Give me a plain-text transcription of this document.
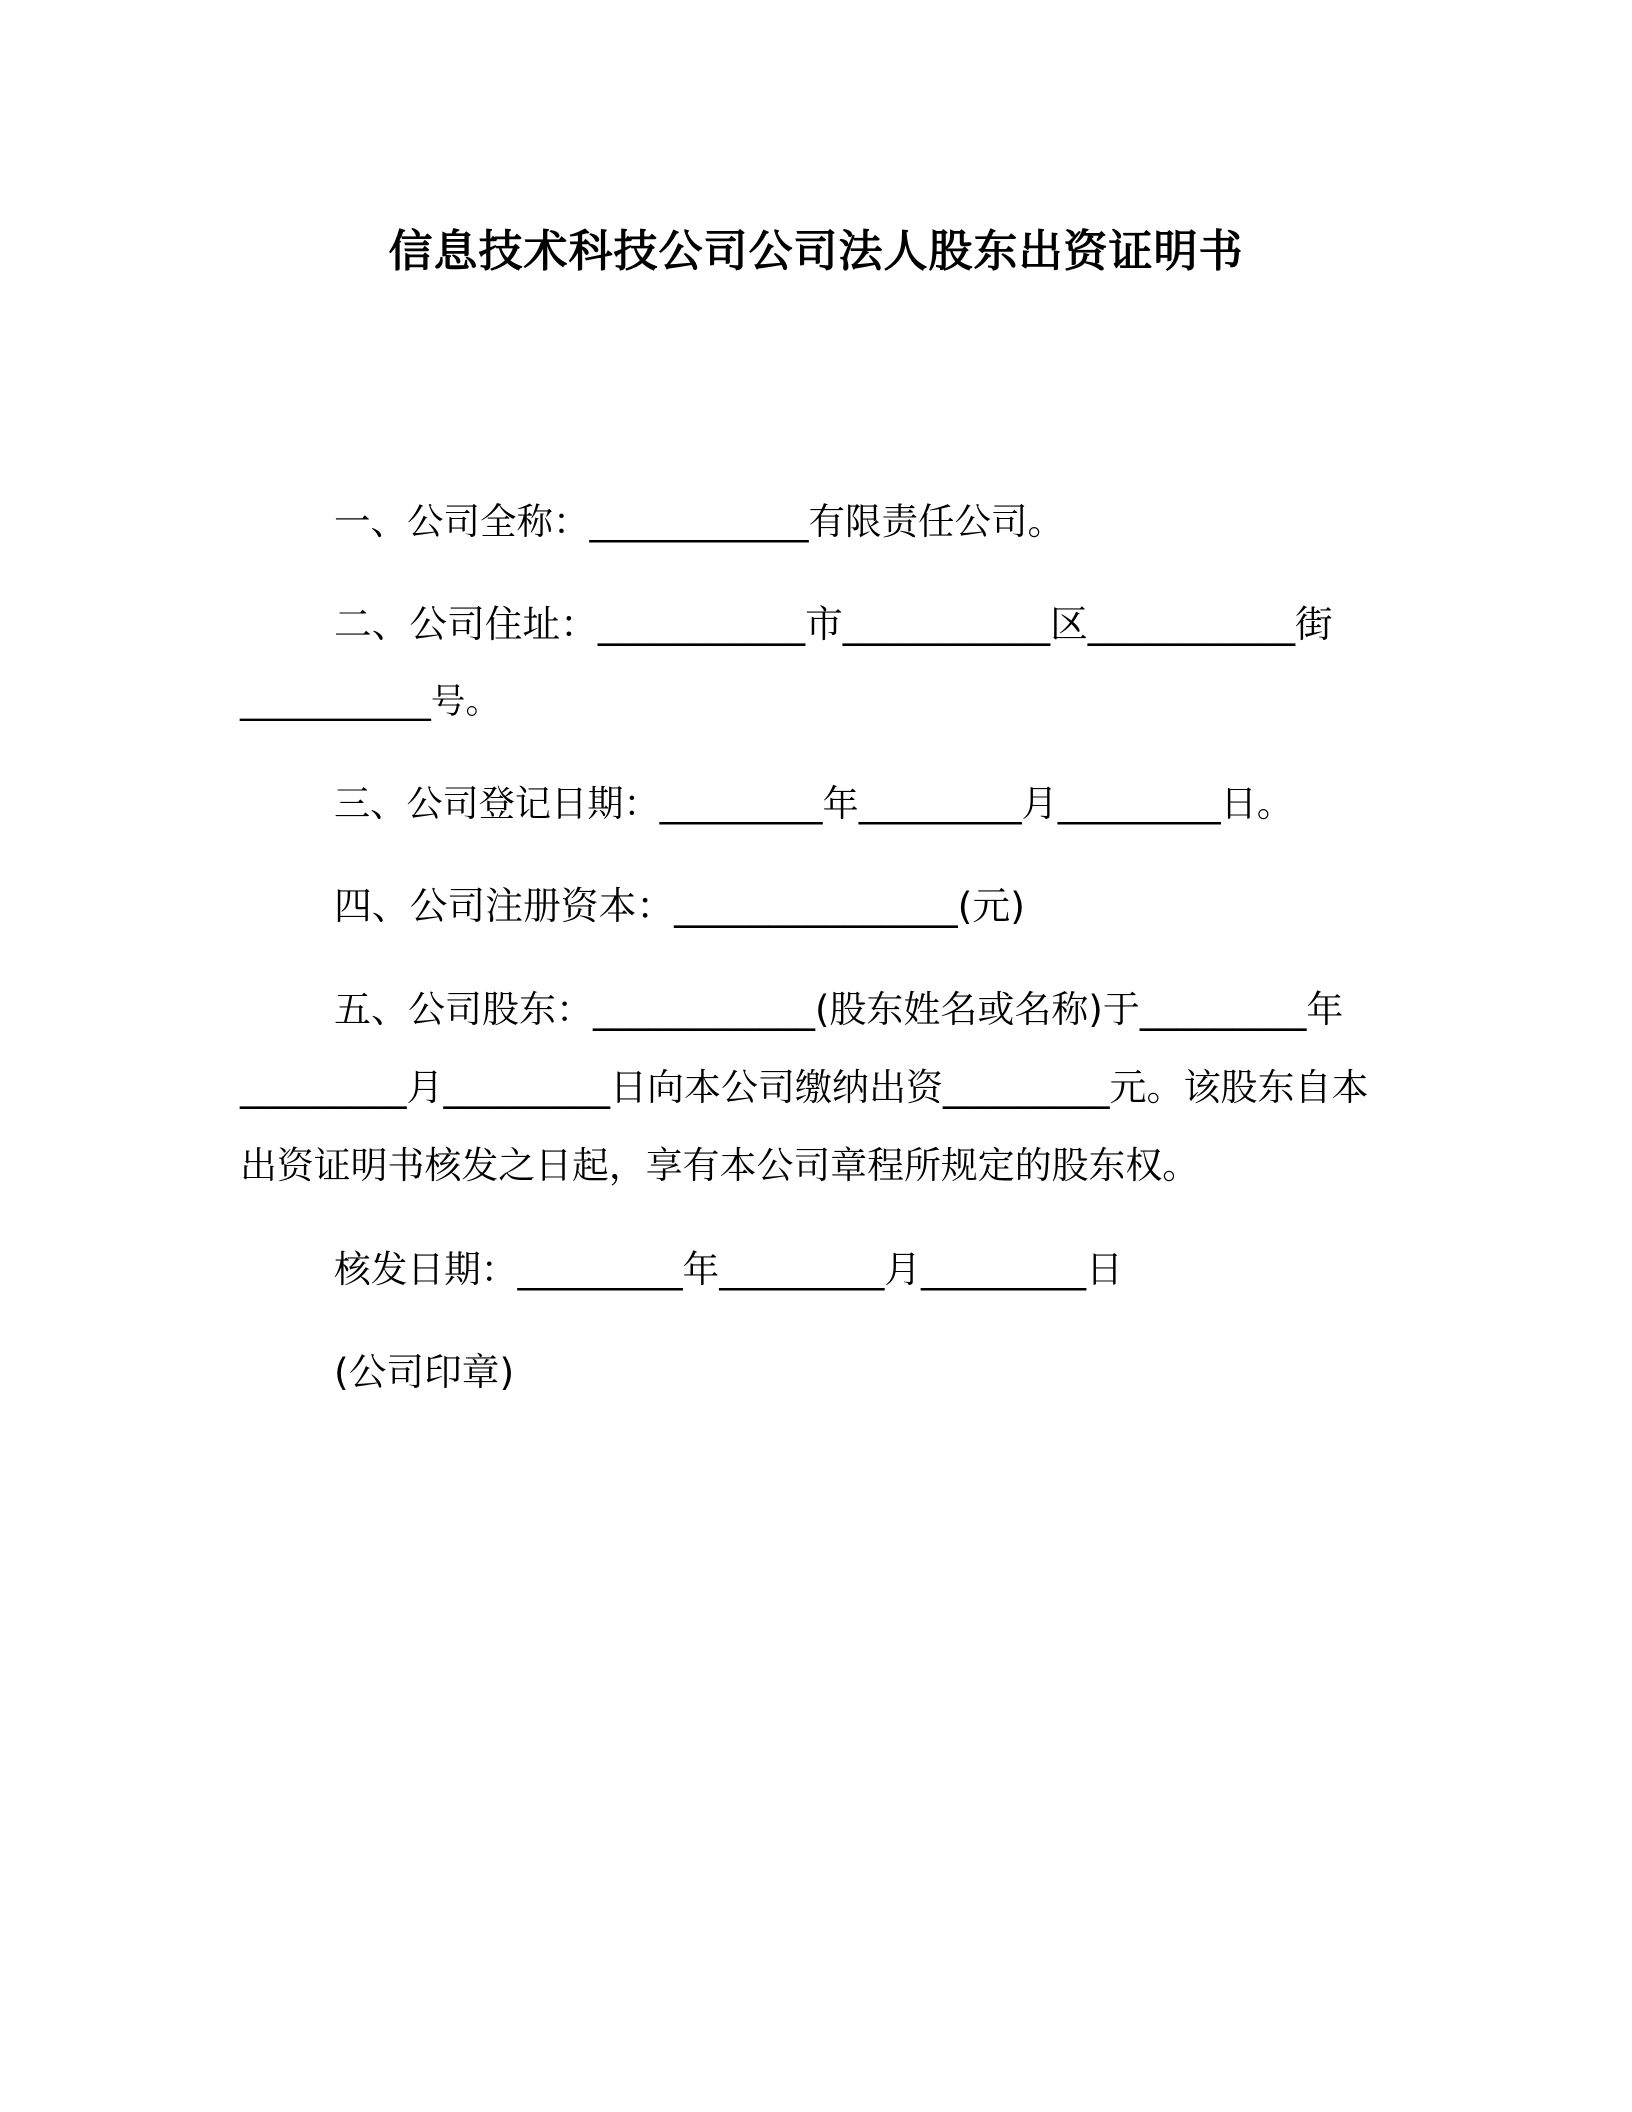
信息技术科技公司公司法人股东出资证明书
一、公司全称：____________有限责任公司。
二、公司住址：___________市___________区___________街
___________号。
三、公司登记日期：_________年_________月_________日。
四、公司注册资本：_______________(元)
五、公司股东：____________(股东姓名或名称)于_________年
_________月_________日向本公司缴纳出资_________元。该股东自本
出资证明书核发之日起，享有本公司章程所规定的股东权。
核发日期：_________年_________月_________日
(公司印章)
